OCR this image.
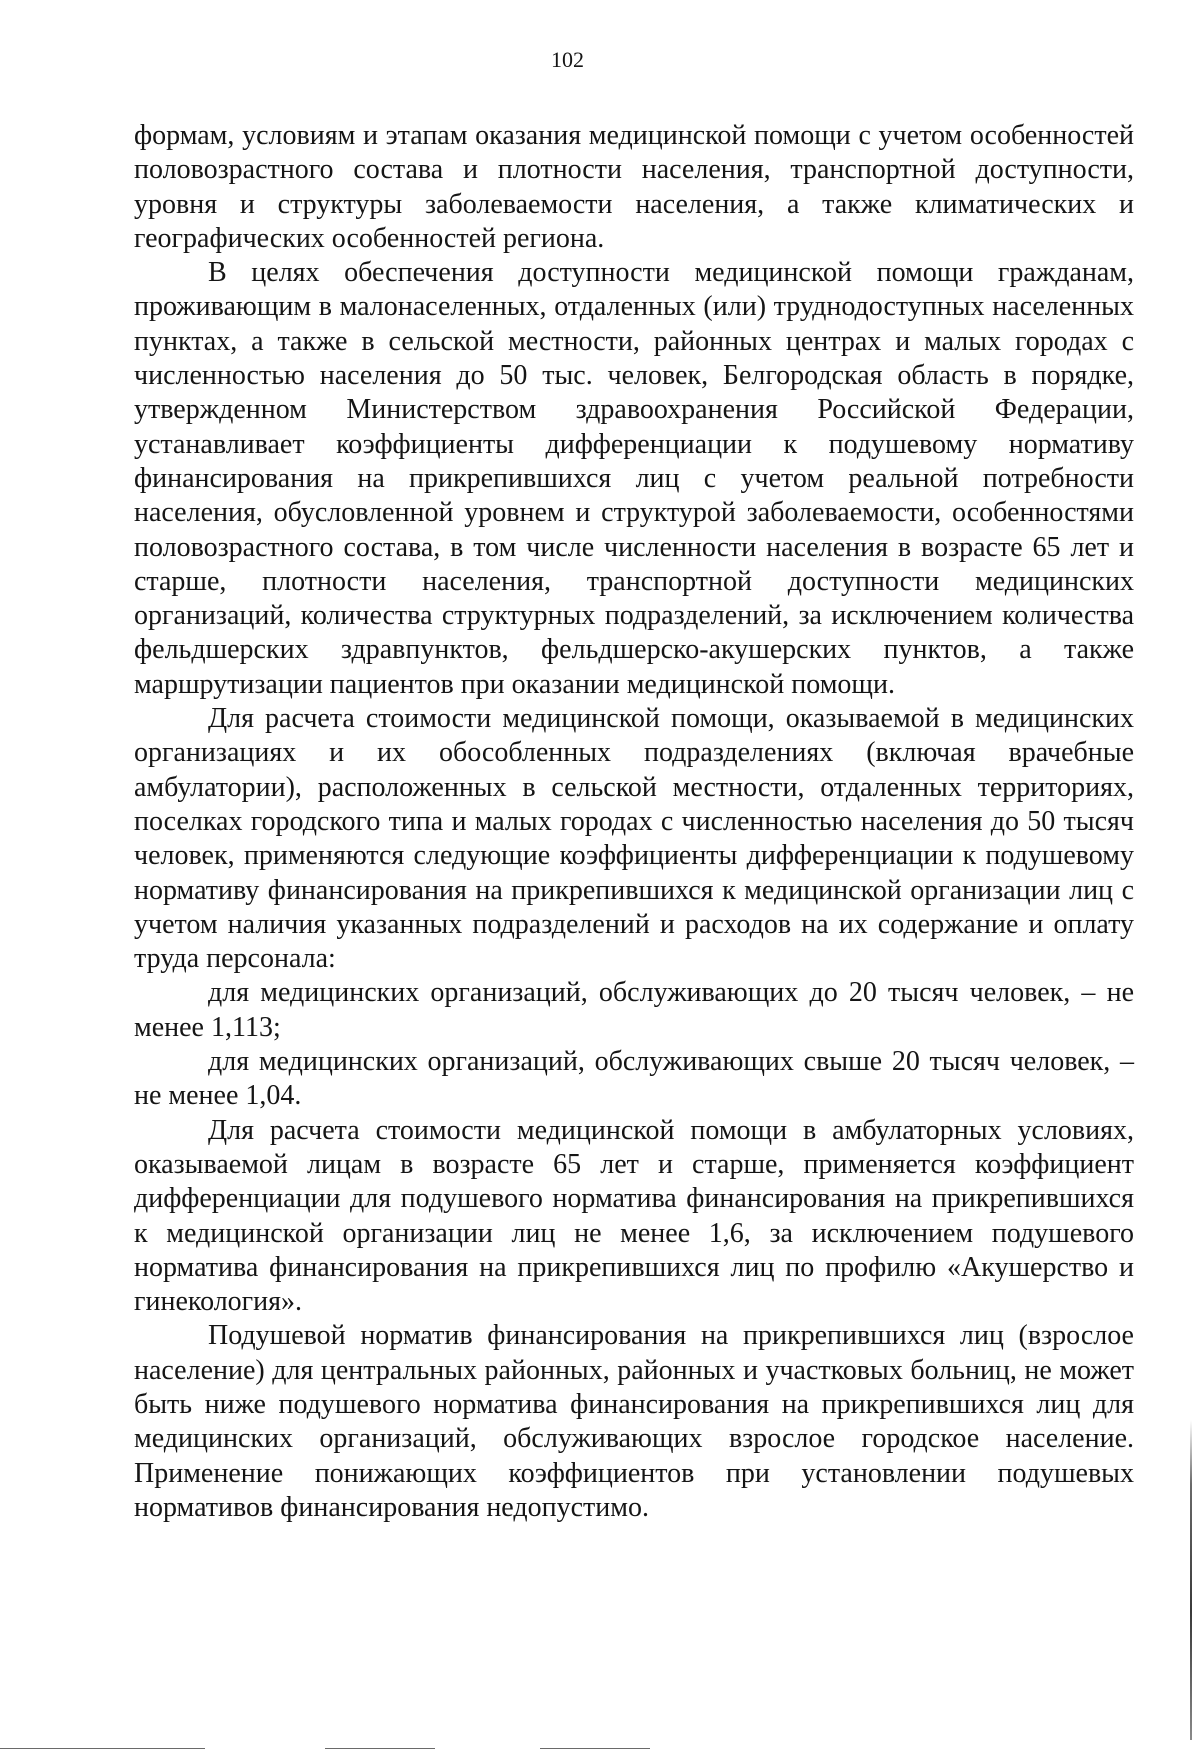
102

формам, условиям и этапам оказания медицинской помощи с учетом особенностей половозрастного состава и плотности населения, транспортной доступности, уровня и структуры заболеваемости населения, а также климатических и географических особенностей региона.

В целях обеспечения доступности медицинской помощи гражданам, проживающим в малонаселенных, отдаленных (или) труднодоступных населенных пунктах, а также в сельской местности, районных центрах и малых городах с численностью населения до 50 тыс. человек, Белгородская область в порядке, утвержденном Министерством здравоохранения Российской Федерации, устанавливает коэффициенты дифференциации к подушевому нормативу финансирования на прикрепившихся лиц с учетом реальной потребности населения, обусловленной уровнем и структурой заболеваемости, особенностями половозрастного состава, в том числе численности населения в возрасте 65 лет и старше, плотности населения, транспортной доступности медицинских организаций, количества структурных подразделений, за исключением количества фельдшерских здравпунктов, фельдшерско-акушерских пунктов, а также маршрутизации пациентов при оказании медицинской помощи.

Для расчета стоимости медицинской помощи, оказываемой в медицинских организациях и их обособленных подразделениях (включая врачебные амбулатории), расположенных в сельской местности, отдаленных территориях, поселках городского типа и малых городах с численностью населения до 50 тысяч человек, применяются следующие коэффициенты дифференциации к подушевому нормативу финансирования на прикрепившихся к медицинской организации лиц с учетом наличия указанных подразделений и расходов на их содержание и оплату труда персонала:

для медицинских организаций, обслуживающих до 20 тысяч человек, – не менее 1,113;

для медицинских организаций, обслуживающих свыше 20 тысяч человек, – не менее 1,04.

Для расчета стоимости медицинской помощи в амбулаторных условиях, оказываемой лицам в возрасте 65 лет и старше, применяется коэффициент дифференциации для подушевого норматива финансирования на прикрепившихся к медицинской организации лиц не менее 1,6, за исключением подушевого норматива финансирования на прикрепившихся лиц по профилю «Акушерство и гинекология».

Подушевой норматив финансирования на прикрепившихся лиц (взрослое население) для центральных районных, районных и участковых больниц, не может быть ниже подушевого норматива финансирования на прикрепившихся лиц для медицинских организаций, обслуживающих взрослое городское население. Применение понижающих коэффициентов при установлении подушевых нормативов финансирования недопустимо.
